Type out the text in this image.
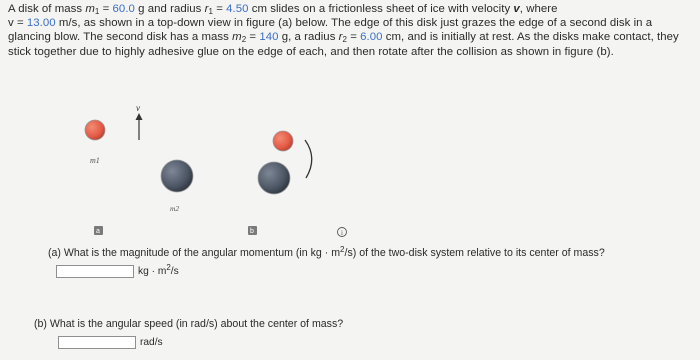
A disk of mass $m_1 = 60.0$ g and radius $r_1 = 4.50$ cm slides on a frictionless sheet of ice with velocity v, where
v = 13.00 m/s, as shown in a top-down view in figure (a) below. The edge of this disk just grazes the edge of a second disk in a glancing blow. The second disk has a mass $m_2 = 140$ g, a radius $r_2 = 6.00$ cm, and is initially at rest. As the disks make contact, they stick together due to highly adhesive glue on the edge of each, and then rotate after the collision as shown in figure (b).

m1
v
m2
a	b	i
(a) What is the magnitude of the angular momentum (in kg · $m^2/s$) of the two-disk system relative to its center of mass?
kg · $m^2/s$
(b) What is the angular speed (in rad/s) about the center of mass?
rad/s
